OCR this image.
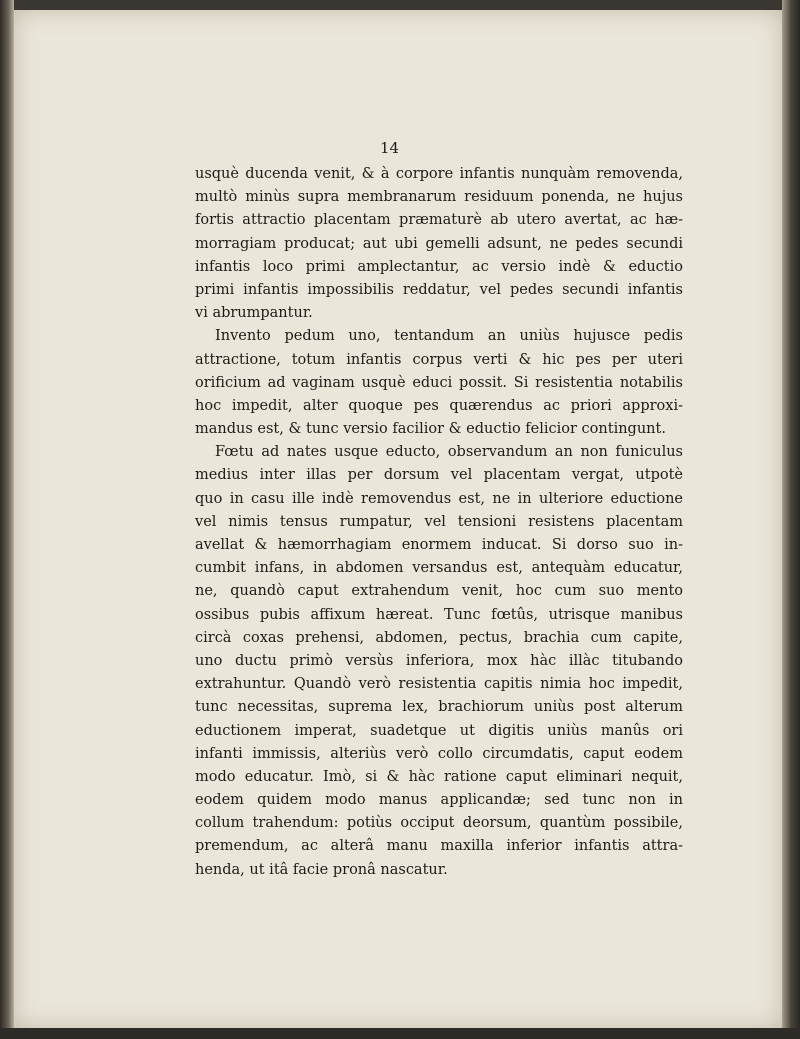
14
usquè ducenda venit, & à corpore infantis nunquàm removenda,
multò minùs supra membranarum residuum ponenda, ne hujus
fortis attractio placentam præmaturè ab utero avertat, ac hæ-
morragiam producat; aut ubi gemelli adsunt, ne pedes secundi
infantis loco primi amplectantur, ac versio indè & eductio
primi infantis impossibilis reddatur, vel pedes secundi infantis
vi abrumpantur.
Invento pedum uno, tentandum an uniùs hujusce pedis
attractione, totum infantis corpus verti & hic pes per uteri
orificium ad vaginam usquè educi possit. Si resistentia notabilis
hoc impedit, alter quoque pes quærendus ac priori approxi-
mandus est, & tunc versio facilior & eductio felicior contingunt.
Fœtu ad nates usque educto, observandum an non funiculus
medius inter illas per dorsum vel placentam vergat, utpotè
quo in casu ille indè removendus est, ne in ulteriore eductione
vel nimis tensus rumpatur, vel tensioni resistens placentam
avellat & hæmorrhagiam enormem inducat. Si dorso suo in-
cumbit infans, in abdomen versandus est, antequàm educatur,
ne, quandò caput extrahendum venit, hoc cum suo mento
ossibus pubis affixum hæreat. Tunc fœtûs, utrisque manibus
circà coxas prehensi, abdomen, pectus, brachia cum capite,
uno ductu primò versùs inferiora, mox hàc illàc titubando
extrahuntur. Quandò verò resistentia capitis nimia hoc impedit,
tunc necessitas, suprema lex, brachiorum uniùs post alterum
eductionem imperat, suadetque ut digitis uniùs manûs ori
infanti immissis, alteriùs verò collo circumdatis, caput eodem
modo educatur. Imò, si & hàc ratione caput eliminari nequit,
eodem quidem modo manus applicandæ; sed tunc non in
collum trahendum: potiùs occiput deorsum, quantùm possibile,
premendum, ac alterâ manu maxilla inferior infantis attra-
henda, ut itâ facie pronâ nascatur.
